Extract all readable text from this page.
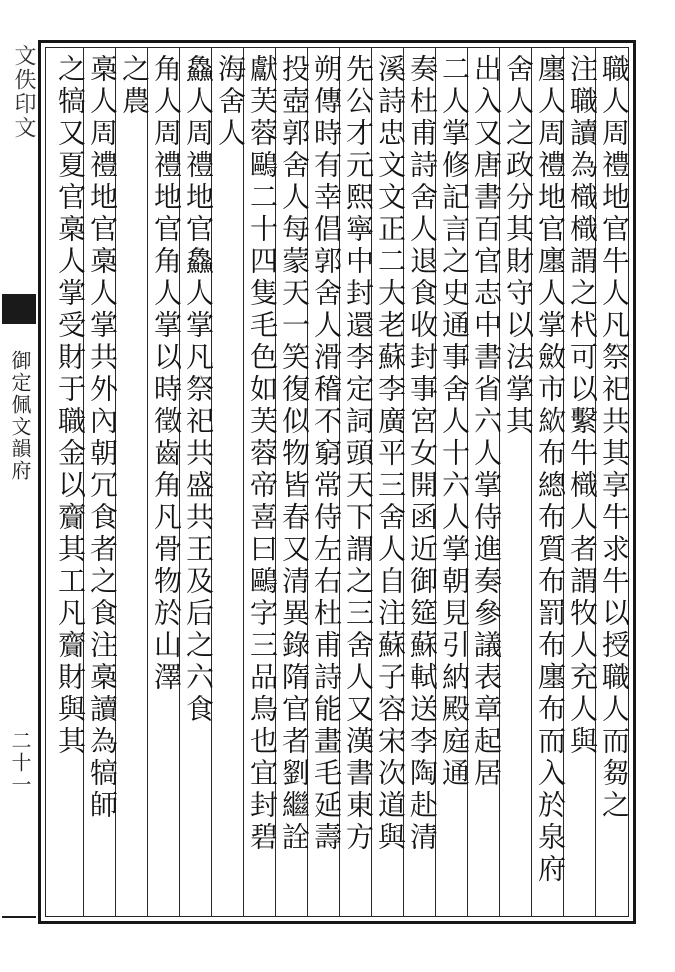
文佚印文
御定佩文韻府
二十一	職人周禮地官牛人凡祭祀共其享牛求牛以授職人而芻之
注職讀為樴樴謂之杙可以繫牛樴人者謂牧人充人與
廛人周禮地官廛人掌斂市絘布總布質布罰布廛布而入於泉府
舍人之政分其財守以法掌其
出入又唐書百官志中書省六人掌侍進奏參議表章起居
二人掌修記言之史通事舍人十六人掌朝見引納殿庭通
奏杜甫詩舍人退食收封事宮女開函近御筵蘇軾送李陶赴清
溪詩忠文文正二大老蘇李廣平三舍人自注蘇子容宋次道與
先公才元熙寧中封還李定詞頭天下謂之三舍人又漢書東方
朔傳時有幸倡郭舍人滑稽不窮常侍左右杜甫詩能畫毛延壽
投壺郭舍人每蒙天一笑復似物皆春又清異錄隋官者劉繼詮
獻芙蓉鷗二十四隻毛色如芙蓉帝喜曰鷗字三品鳥也宜封碧
海舍人
鱻人周禮地官鱻人掌凡祭祀共盛共王及后之六食
角人周禮地官角人掌以時徵齒角凡骨物於山澤
之農
槀人周禮地官槀人掌共外內朝冗食者之食注槀讀為犒師
之犒又夏官槀人掌受財于職金以齎其工凡齎財與其
